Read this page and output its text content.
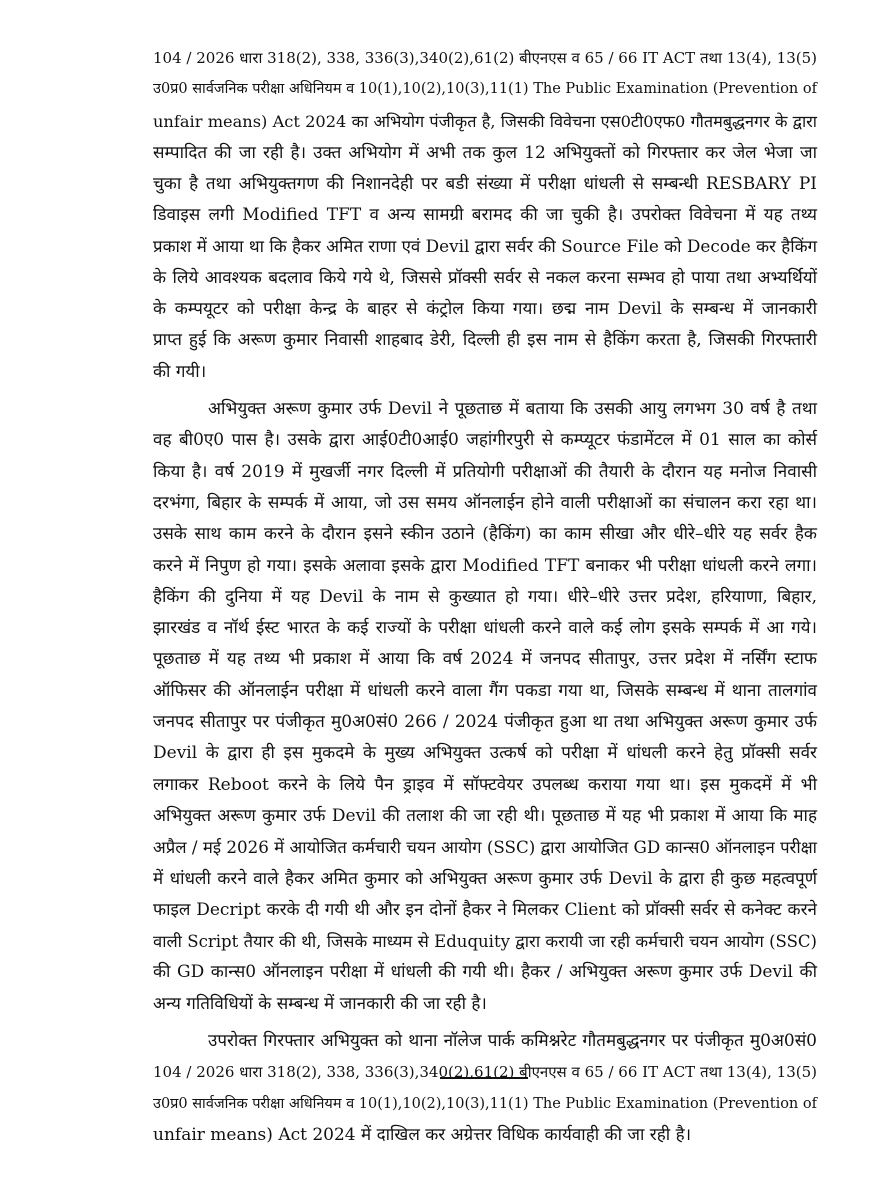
104 / 2026 धारा 318(2), 338, 336(3),340(2),61(2) बीएनएस व 65 / 66 IT ACT तथा 13(4), 13(5)
उ0प्र0 सार्वजनिक परीक्षा अधिनियम व 10(1),10(2),10(3),11(1) The Public Examination (Prevention of
unfair means) Act 2024 का अभियोग पंजीकृत है, जिसकी विवेचना एस0टी0एफ0 गौतमबुद्धनगर के द्वारा
सम्पादित की जा रही है। उक्त अभियोग में अभी तक कुल 12 अभियुक्तों को गिरफ्तार कर जेल भेजा जा
चुका है तथा अभियुक्तगण की निशानदेही पर बडी संख्या में परीक्षा धांधली से सम्बन्धी RESBARY PI
डिवाइस लगी Modified TFT व अन्य सामग्री बरामद की जा चुकी है। उपरोक्त विवेचना में यह तथ्य
प्रकाश में आया था कि हैकर अमित राणा एवं Devil द्वारा सर्वर की Source File को Decode कर हैकिंग
के लिये आवश्यक बदलाव किये गये थे, जिससे प्रॉक्सी सर्वर से नकल करना सम्भव हो पाया तथा अभ्यर्थियों
के कम्पयूटर को परीक्षा केन्द्र के बाहर से कंट्रोल किया गया। छद्म नाम Devil के सम्बन्ध में जानकारी
प्राप्त हुई कि अरूण कुमार निवासी शाहबाद डेरी, दिल्ली ही इस नाम से हैकिंग करता है, जिसकी गिरफ्तारी
की गयी।
अभियुक्त अरूण कुमार उर्फ Devil ने पूछताछ में बताया कि उसकी आयु लगभग 30 वर्ष है तथा
वह बी0ए0 पास है। उसके द्वारा आई0टी0आई0 जहांगीरपुरी से कम्प्यूटर फंडामेंटल में 01 साल का कोर्स
किया है। वर्ष 2019 में मुखर्जी नगर दिल्ली में प्रतियोगी परीक्षाओं की तैयारी के दौरान यह मनोज निवासी
दरभंगा, बिहार के सम्पर्क में आया, जो उस समय ऑनलाईन होने वाली परीक्षाओं का संचालन करा रहा था।
उसके साथ काम करने के दौरान इसने स्कीन उठाने (हैकिंग) का काम सीखा और धीरे–धीरे यह सर्वर हैक
करने में निपुण हो गया। इसके अलावा इसके द्वारा Modified TFT बनाकर भी परीक्षा धांधली करने लगा।
हैकिंग की दुनिया में यह Devil के नाम से कुख्यात हो गया। धीरे–धीरे उत्तर प्रदेश, हरियाणा, बिहार,
झारखंड व नॉर्थ ईस्ट भारत के कई राज्यों के परीक्षा धांधली करने वाले कई लोग इसके सम्पर्क में आ गये।
पूछताछ में यह तथ्य भी प्रकाश में आया कि वर्ष 2024 में जनपद सीतापुर, उत्तर प्रदेश में नर्सिंग स्टाफ
ऑफिसर की ऑनलाईन परीक्षा में धांधली करने वाला गैंग पकडा गया था, जिसके सम्बन्ध में थाना तालगांव
जनपद सीतापुर पर पंजीकृत मु0अ0सं0 266 / 2024 पंजीकृत हुआ था तथा अभियुक्त अरूण कुमार उर्फ
Devil के द्वारा ही इस मुकदमे के मुख्य अभियुक्त उत्कर्ष को परीक्षा में धांधली करने हेतु प्रॉक्सी सर्वर
लगाकर Reboot करने के लिये पैन ड्राइव में सॉफ्टवेयर उपलब्ध कराया गया था। इस मुकदमें में भी
अभियुक्त अरूण कुमार उर्फ Devil की तलाश की जा रही थी। पूछताछ में यह भी प्रकाश में आया कि माह
अप्रैल / मई 2026 में आयोजित कर्मचारी चयन आयोग (SSC) द्वारा आयोजित GD कान्स0 ऑनलाइन परीक्षा
में धांधली करने वाले हैकर अमित कुमार को अभियुक्त अरूण कुमार उर्फ Devil के द्वारा ही कुछ महत्वपूर्ण
फाइल Decript करके दी गयी थी और इन दोनों हैकर ने मिलकर Client को प्रॉक्सी सर्वर से कनेक्ट करने
वाली Script तैयार की थी, जिसके माध्यम से Eduquity द्वारा करायी जा रही कर्मचारी चयन आयोग (SSC)
की GD कान्स0 ऑनलाइन परीक्षा में धांधली की गयी थी। हैकर / अभियुक्त अरूण कुमार उर्फ Devil की
अन्य गतिविधियों के सम्बन्ध में जानकारी की जा रही है।
उपरोक्त गिरफ्तार अभियुक्त को थाना नॉलेज पार्क कमिश्नरेट गौतमबुद्धनगर पर पंजीकृत मु0अ0सं0
104 / 2026 धारा 318(2), 338, 336(3),340(2),61(2) बीएनएस व 65 / 66 IT ACT तथा 13(4), 13(5)
उ0प्र0 सार्वजनिक परीक्षा अधिनियम व 10(1),10(2),10(3),11(1) The Public Examination (Prevention of
unfair means) Act 2024 में दाखिल कर अग्रेत्तर विधिक कार्यवाही की जा रही है।
